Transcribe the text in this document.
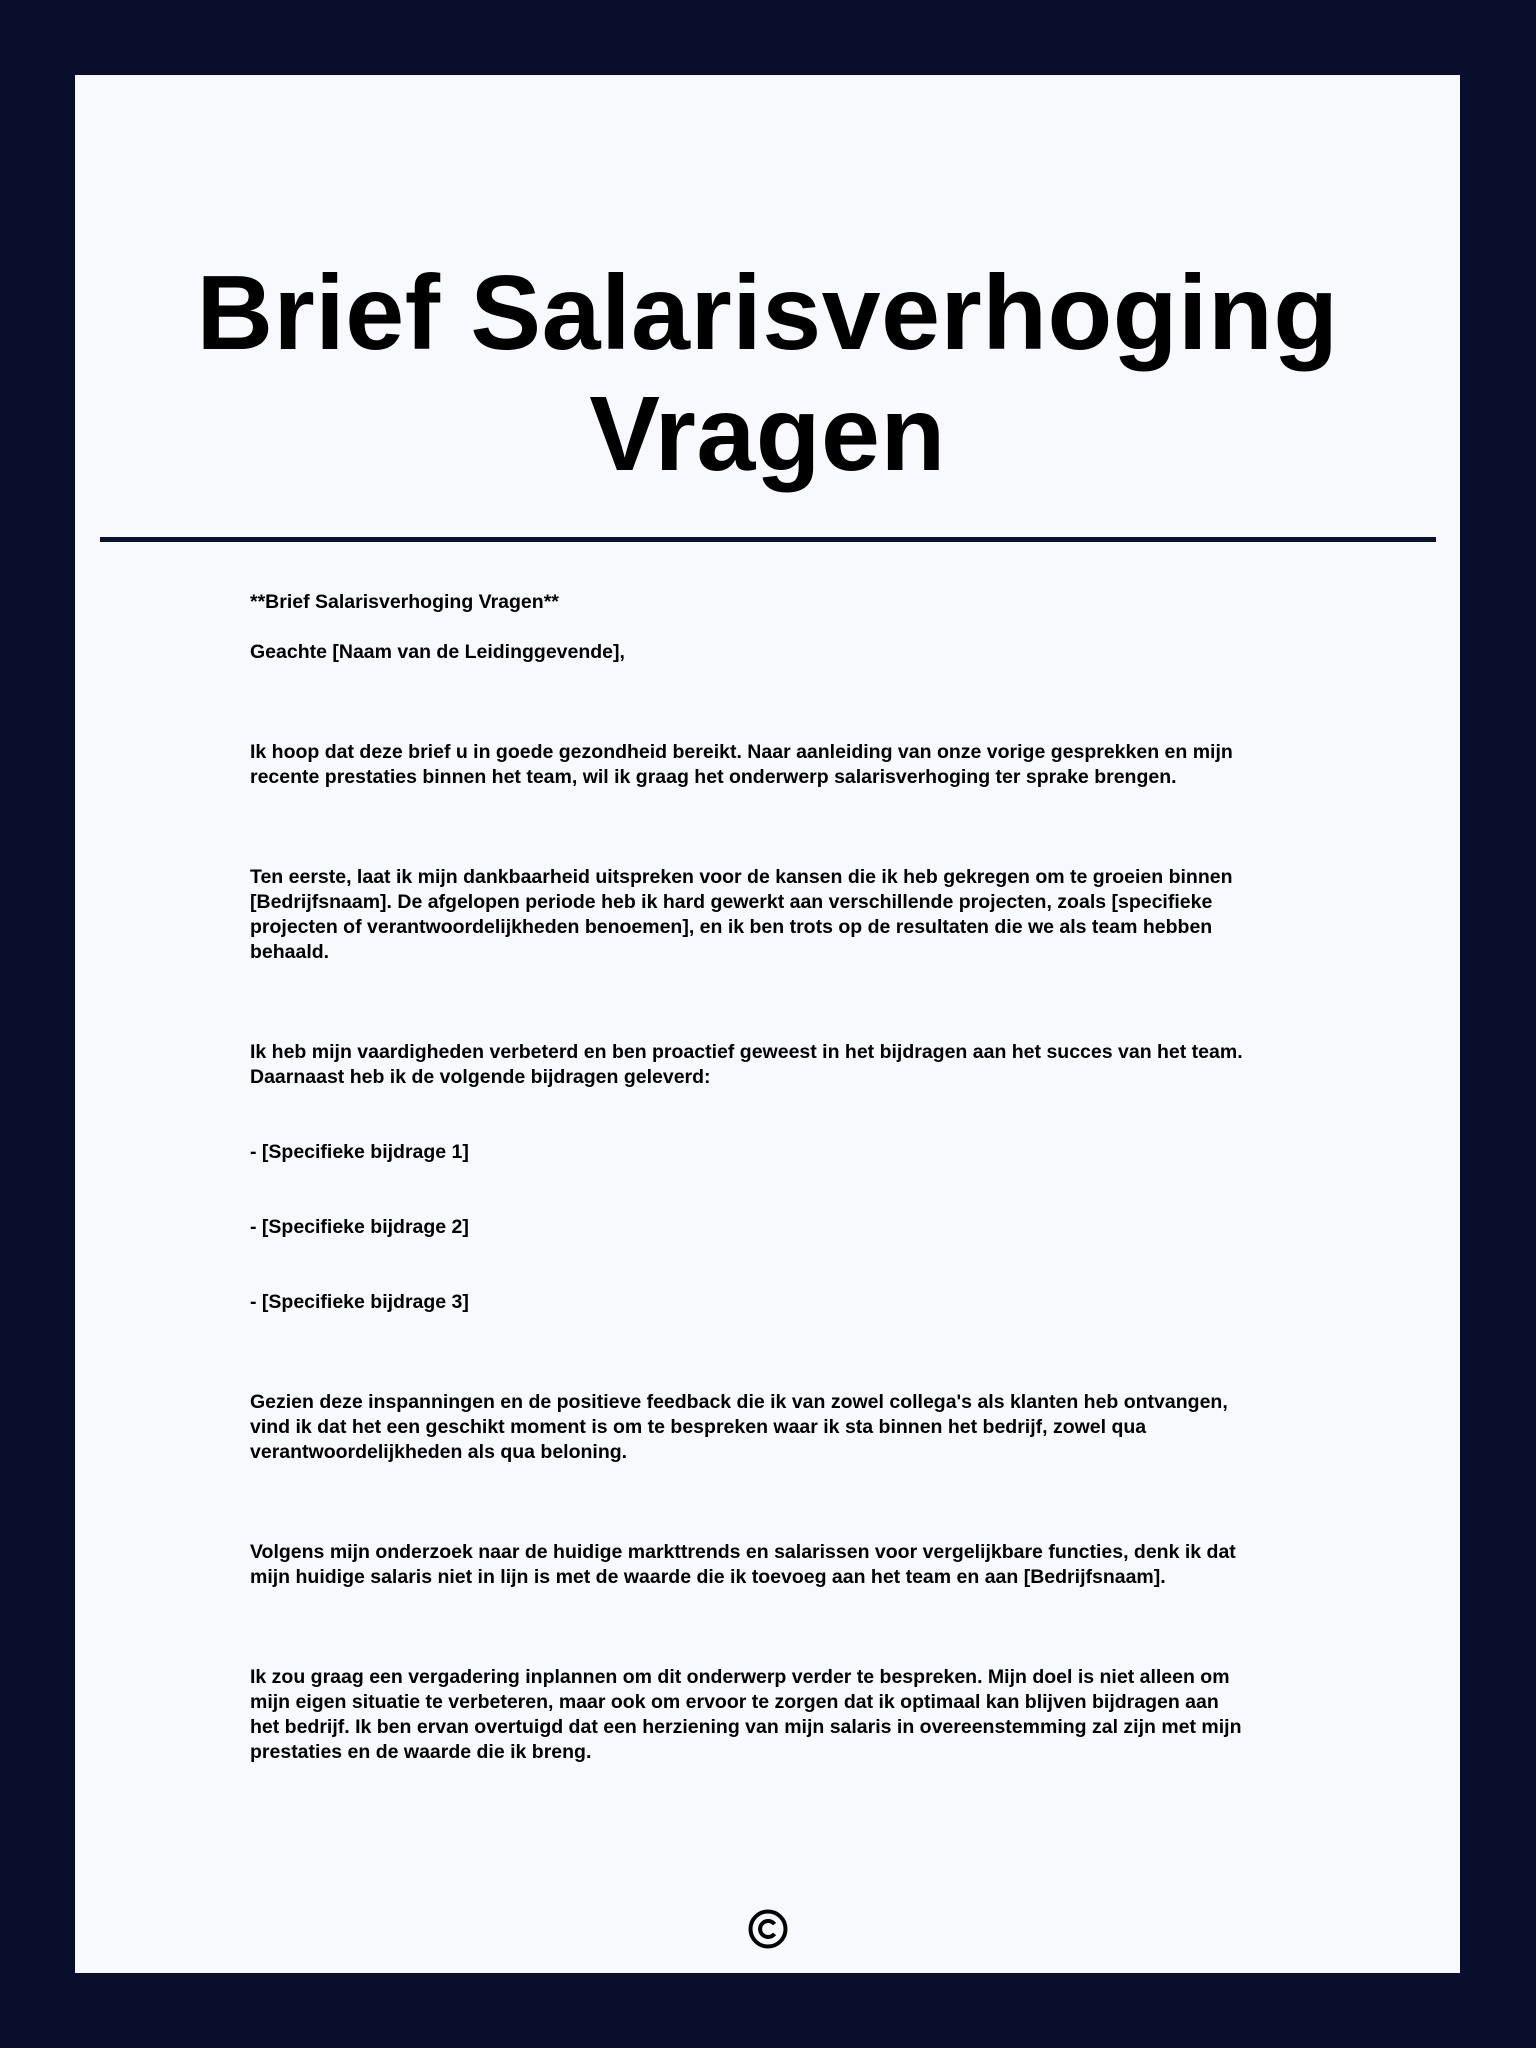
Brief Salarisverhoging
Vragen

**Brief Salarisverhoging Vragen**

Geachte [Naam van de Leidinggevende],

Ik hoop dat deze brief u in goede gezondheid bereikt. Naar aanleiding van onze vorige gesprekken en mijn
recente prestaties binnen het team, wil ik graag het onderwerp salarisverhoging ter sprake brengen.

Ten eerste, laat ik mijn dankbaarheid uitspreken voor de kansen die ik heb gekregen om te groeien binnen
[Bedrijfsnaam]. De afgelopen periode heb ik hard gewerkt aan verschillende projecten, zoals [specifieke
projecten of verantwoordelijkheden benoemen], en ik ben trots op de resultaten die we als team hebben
behaald.

Ik heb mijn vaardigheden verbeterd en ben proactief geweest in het bijdragen aan het succes van het team.
Daarnaast heb ik de volgende bijdragen geleverd:

- [Specifieke bijdrage 1]

- [Specifieke bijdrage 2]

- [Specifieke bijdrage 3]

Gezien deze inspanningen en de positieve feedback die ik van zowel collega's als klanten heb ontvangen,
vind ik dat het een geschikt moment is om te bespreken waar ik sta binnen het bedrijf, zowel qua
verantwoordelijkheden als qua beloning.

Volgens mijn onderzoek naar de huidige markttrends en salarissen voor vergelijkbare functies, denk ik dat
mijn huidige salaris niet in lijn is met de waarde die ik toevoeg aan het team en aan [Bedrijfsnaam].

Ik zou graag een vergadering inplannen om dit onderwerp verder te bespreken. Mijn doel is niet alleen om
mijn eigen situatie te verbeteren, maar ook om ervoor te zorgen dat ik optimaal kan blijven bijdragen aan
het bedrijf. Ik ben ervan overtuigd dat een herziening van mijn salaris in overeenstemming zal zijn met mijn
prestaties en de waarde die ik breng.
